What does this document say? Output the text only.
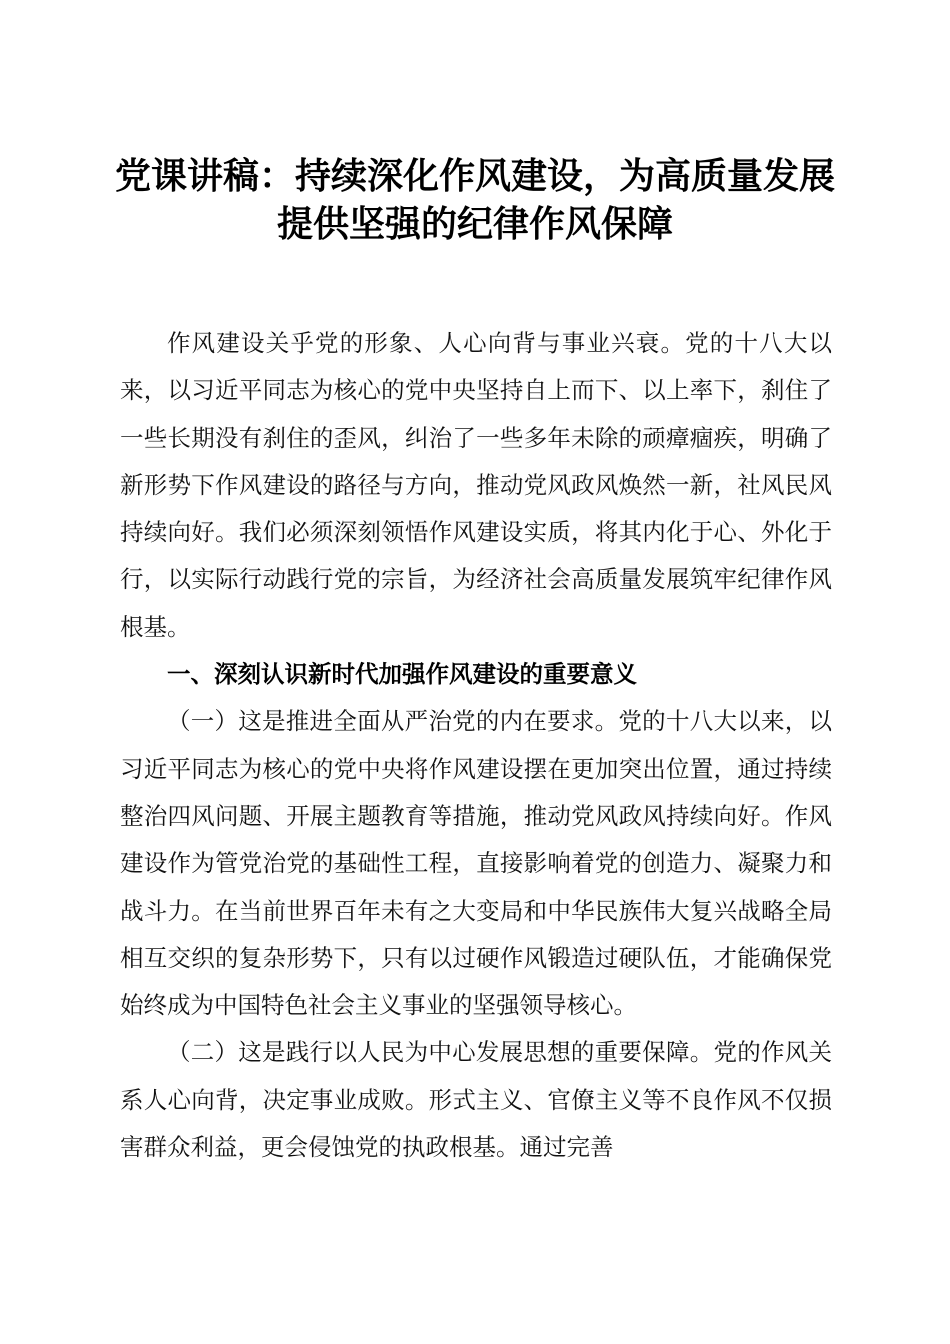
党课讲稿：持续深化作风建设，为高质量发展
提供坚强的纪律作风保障

作风建设关乎党的形象、人心向背与事业兴衰。党的十八大以来，以习近平同志为核心的党中央坚持自上而下、以上率下，刹住了一些长期没有刹住的歪风，纠治了一些多年未除的顽瘴痼疾，明确了新形势下作风建设的路径与方向，推动党风政风焕然一新，社风民风持续向好。我们必须深刻领悟作风建设实质，将其内化于心、外化于行，以实际行动践行党的宗旨，为经济社会高质量发展筑牢纪律作风根基。

一、深刻认识新时代加强作风建设的重要意义

（一）这是推进全面从严治党的内在要求。党的十八大以来，以习近平同志为核心的党中央将作风建设摆在更加突出位置，通过持续整治四风问题、开展主题教育等措施，推动党风政风持续向好。作风建设作为管党治党的基础性工程，直接影响着党的创造力、凝聚力和战斗力。在当前世界百年未有之大变局和中华民族伟大复兴战略全局相互交织的复杂形势下，只有以过硬作风锻造过硬队伍，才能确保党始终成为中国特色社会主义事业的坚强领导核心。

（二）这是践行以人民为中心发展思想的重要保障。党的作风关系人心向背，决定事业成败。形式主义、官僚主义等不良作风不仅损害群众利益，更会侵蚀党的执政根基。通过完善
